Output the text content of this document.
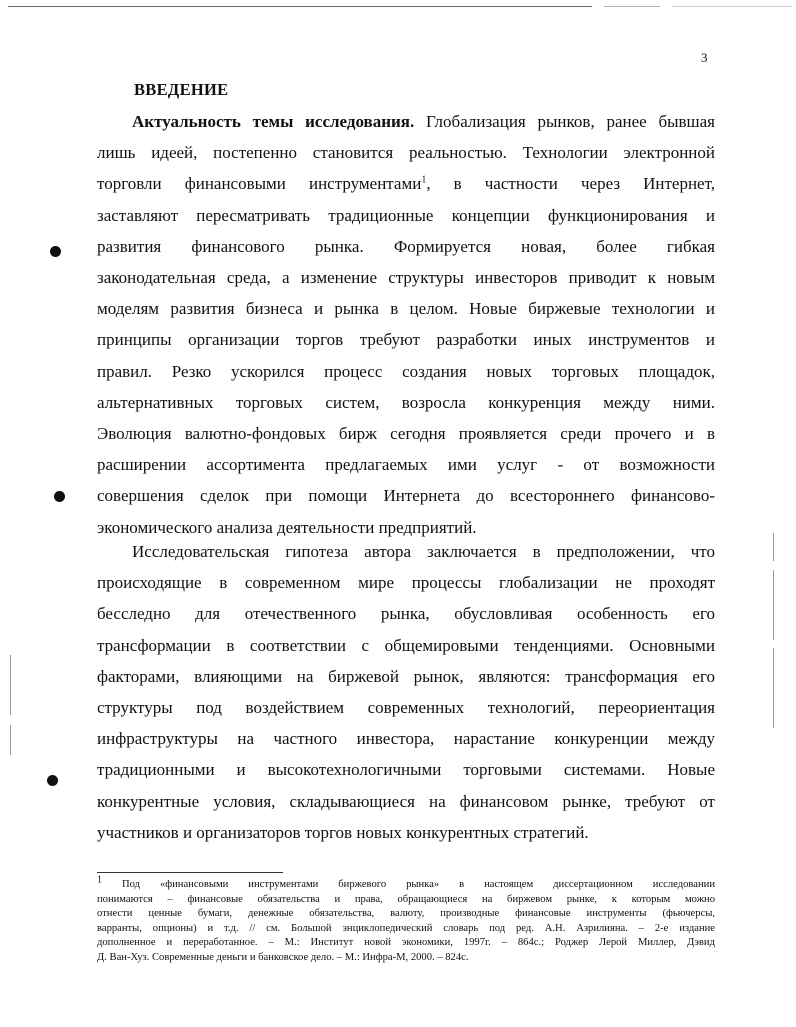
3
ВВЕДЕНИЕ

Актуальность темы исследования. Глобализация рынков, ранее бывшая
лишь идеей, постепенно становится реальностью. Технологии электронной
торговли финансовыми инструментами$^1$, в частности через Интернет,
заставляют пересматривать традиционные концепции функционирования и
развития финансового рынка. Формируется новая, более гибкая
законодательная среда, а изменение структуры инвесторов приводит к новым
моделям развития бизнеса и рынка в целом. Новые биржевые технологии и
принципы организации торгов требуют разработки иных инструментов и
правил. Резко ускорился процесс создания новых торговых площадок,
альтернативных торговых систем, возросла конкуренция между ними.
Эволюция валютно-фондовых бирж сегодня проявляется среди прочего и в
расширении ассортимента предлагаемых ими услуг - от возможности
совершения сделок при помощи Интернета до всестороннего финансово-
экономического анализа деятельности предприятий.

Исследовательская гипотеза автора заключается в предположении, что
происходящие в современном мире процессы глобализации не проходят
бесследно для отечественного рынка, обусловливая особенность его
трансформации в соответствии с общемировыми тенденциями. Основными
факторами, влияющими на биржевой рынок, являются: трансформация его
структуры под воздействием современных технологий, переориентация
инфраструктуры на частного инвестора, нарастание конкуренции между
традиционными и высокотехнологичными торговыми системами. Новые
конкурентные условия, складывающиеся на финансовом рынке, требуют от
участников и организаторов торгов новых конкурентных стратегий.

$^1$ Под «финансовыми инструментами биржевого рынка» в настоящем диссертационном исследовании
понимаются – финансовые обязательства и права, обращающиеся на биржевом рынке, к которым можно
отнести ценные бумаги, денежные обязательства, валюту, производные финансовые инструменты (фьючерсы,
варранты, опционы) и т.д. // см. Большой энциклопедический словарь под ред. А.Н. Азрилияна. – 2-е издание
дополненное и переработанное. – М.: Институт новой экономики, 1997г. – 864с.; Роджер Лерой Миллер, Дэвид
Д. Ван-Хуз. Современные деньги и банковское дело. – М.: Инфра-М, 2000. – 824с.
